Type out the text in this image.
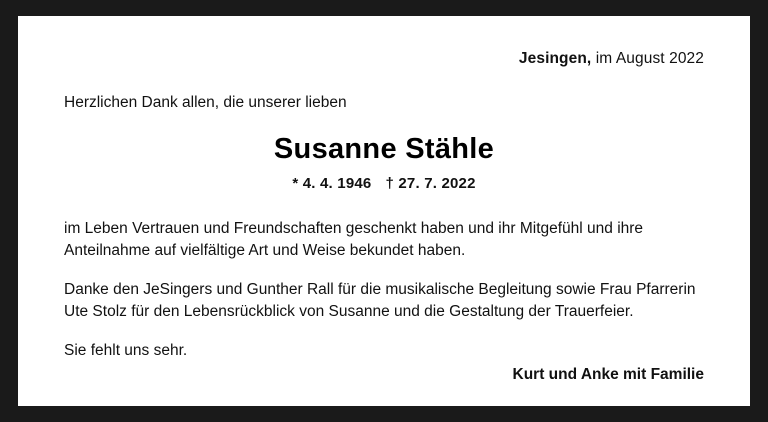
Jesingen, im August 2022
Herzlichen Dank allen, die unserer lieben
Susanne Stähle
* 4. 4. 1946 † 27. 7. 2022

im Leben Vertrauen und Freundschaften geschenkt haben und ihr Mitgefühl und ihre Anteilnahme auf vielfältige Art und Weise bekundet haben.

Danke den JeSingers und Gunther Rall für die musikalische Begleitung sowie Frau Pfarrerin Ute Stolz für den Lebensrückblick von Susanne und die Gestaltung der Trauerfeier.

Sie fehlt uns sehr.

Kurt und Anke mit Familie
